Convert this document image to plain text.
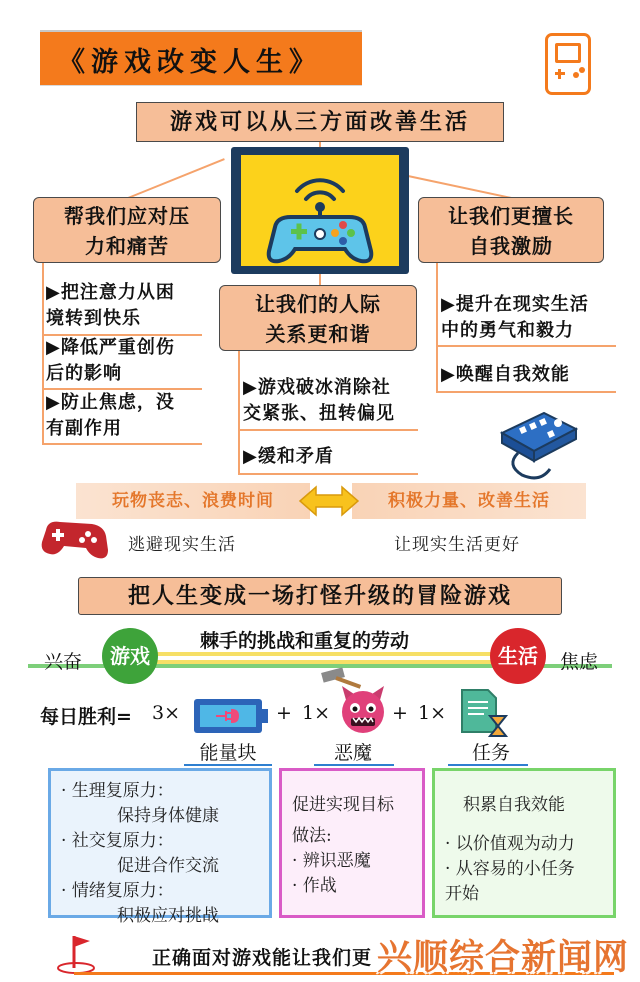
《游戏改变人生》
游戏可以从三方面改善生活
帮我们应对压
力和痛苦
▶把注意力从困
境转到快乐
▶降低严重创伤
后的影响
▶防止焦虑，没
有副作用
让我们的人际
关系更和谐
▶游戏破冰消除社
交紧张、扭转偏见
▶缓和矛盾
让我们更擅长
自我激励
▶提升在现实生活
中的勇气和毅力
▶唤醒自我效能
玩物丧志、浪费时间	积极力量、改善生活
逃避现实生活	让现实生活更好
把人生变成一场打怪升级的冒险游戏
棘手的挑战和重复的劳动
兴奋	游戏	生活	焦虑
每日胜利= 3×	+ 1×	+ 1×
能量块	恶魔	任务
· 生理复原力：
保持身体健康
· 社交复原力：
促进合作交流
· 情绪复原力：
积极应对挑战
促进实现目标
做法:
· 辨识恶魔
· 作战
积累自我效能
· 以价值观为动力
· 从容易的小任务
开始
正确面对游戏能让我们更 兴顺综合新闻网
